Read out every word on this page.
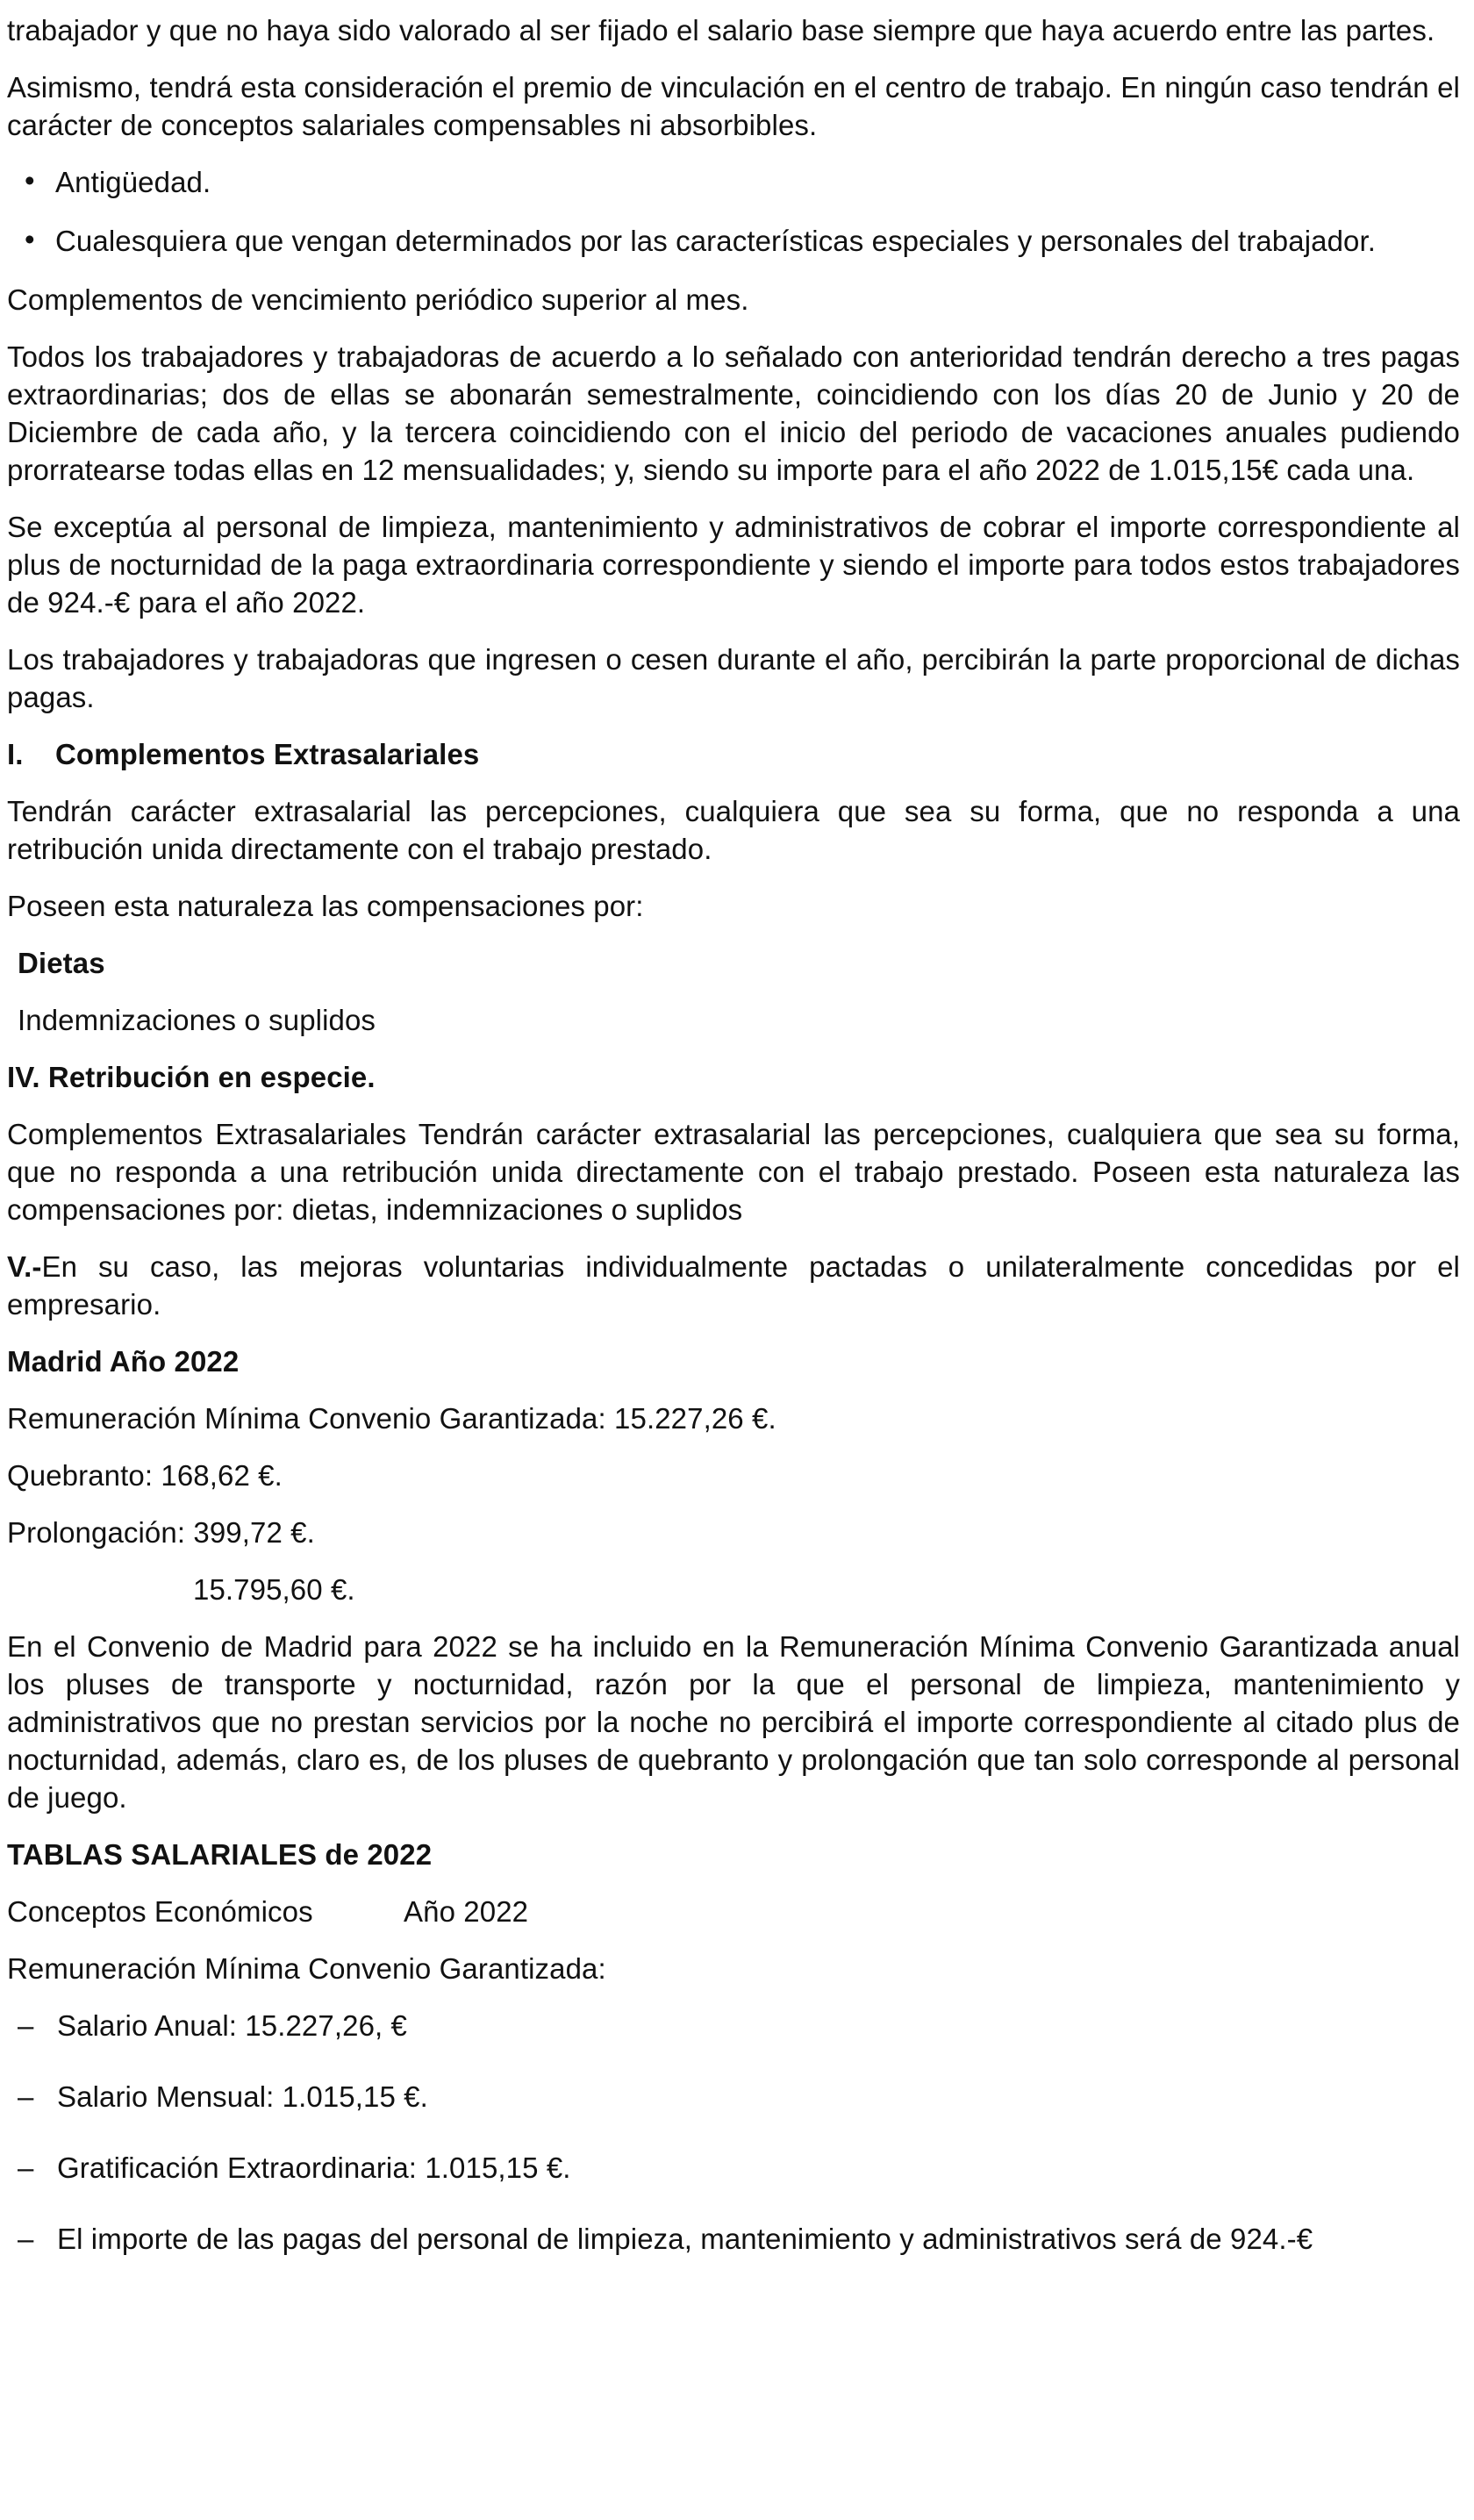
trabajador y que no haya sido valorado al ser fijado el salario base siempre que haya acuerdo entre las partes.

Asimismo, tendrá esta consideración el premio de vinculación en el centro de trabajo. En ningún caso tendrán el carácter de conceptos salariales compensables ni absorbibles.

• Antigüedad.

• Cualesquiera que vengan determinados por las características especiales y personales del trabajador.

Complementos de vencimiento periódico superior al mes.

Todos los trabajadores y trabajadoras de acuerdo a lo señalado con anterioridad tendrán derecho a tres pagas extraordinarias; dos de ellas se abonarán semestralmente, coincidiendo con los días 20 de Junio y 20 de Diciembre de cada año, y la tercera coincidiendo con el inicio del periodo de vacaciones anuales pudiendo prorratearse todas ellas en 12 mensualidades; y, siendo su importe para el año 2022 de 1.015,15€ cada una.

Se exceptúa al personal de limpieza, mantenimiento y administrativos de cobrar el importe correspondiente al plus de nocturnidad de la paga extraordinaria correspondiente y siendo el importe para todos estos trabajadores de 924.-€ para el año 2022.

Los trabajadores y trabajadoras que ingresen o cesen durante el año, percibirán la parte proporcional de dichas pagas.

I. Complementos Extrasalariales

Tendrán carácter extrasalarial las percepciones, cualquiera que sea su forma, que no responda a una retribución unida directamente con el trabajo prestado.

Poseen esta naturaleza las compensaciones por:

Dietas

Indemnizaciones o suplidos

IV. Retribución en especie.

Complementos Extrasalariales Tendrán carácter extrasalarial las percepciones, cualquiera que sea su forma, que no responda a una retribución unida directamente con el trabajo prestado. Poseen esta naturaleza las compensaciones por: dietas, indemnizaciones o suplidos

V.-En su caso, las mejoras voluntarias individualmente pactadas o unilateralmente concedidas por el empresario.

Madrid Año 2022

Remuneración Mínima Convenio Garantizada: 15.227,26 €.

Quebranto: 168,62 €.

Prolongación: 399,72 €.

15.795,60 €.

En el Convenio de Madrid para 2022 se ha incluido en la Remuneración Mínima Convenio Garantizada anual los pluses de transporte y nocturnidad, razón por la que el personal de limpieza, mantenimiento y administrativos que no prestan servicios por la noche no percibirá el importe correspondiente al citado plus de nocturnidad, además, claro es, de los pluses de quebranto y prolongación que tan solo corresponde al personal de juego.

TABLAS SALARIALES de 2022

Conceptos Económicos	Año 2022

Remuneración Mínima Convenio Garantizada:

– Salario Anual: 15.227,26, €

– Salario Mensual: 1.015,15 €.

– Gratificación Extraordinaria: 1.015,15 €.

– El importe de las pagas del personal de limpieza, mantenimiento y administrativos será de 924.-€
